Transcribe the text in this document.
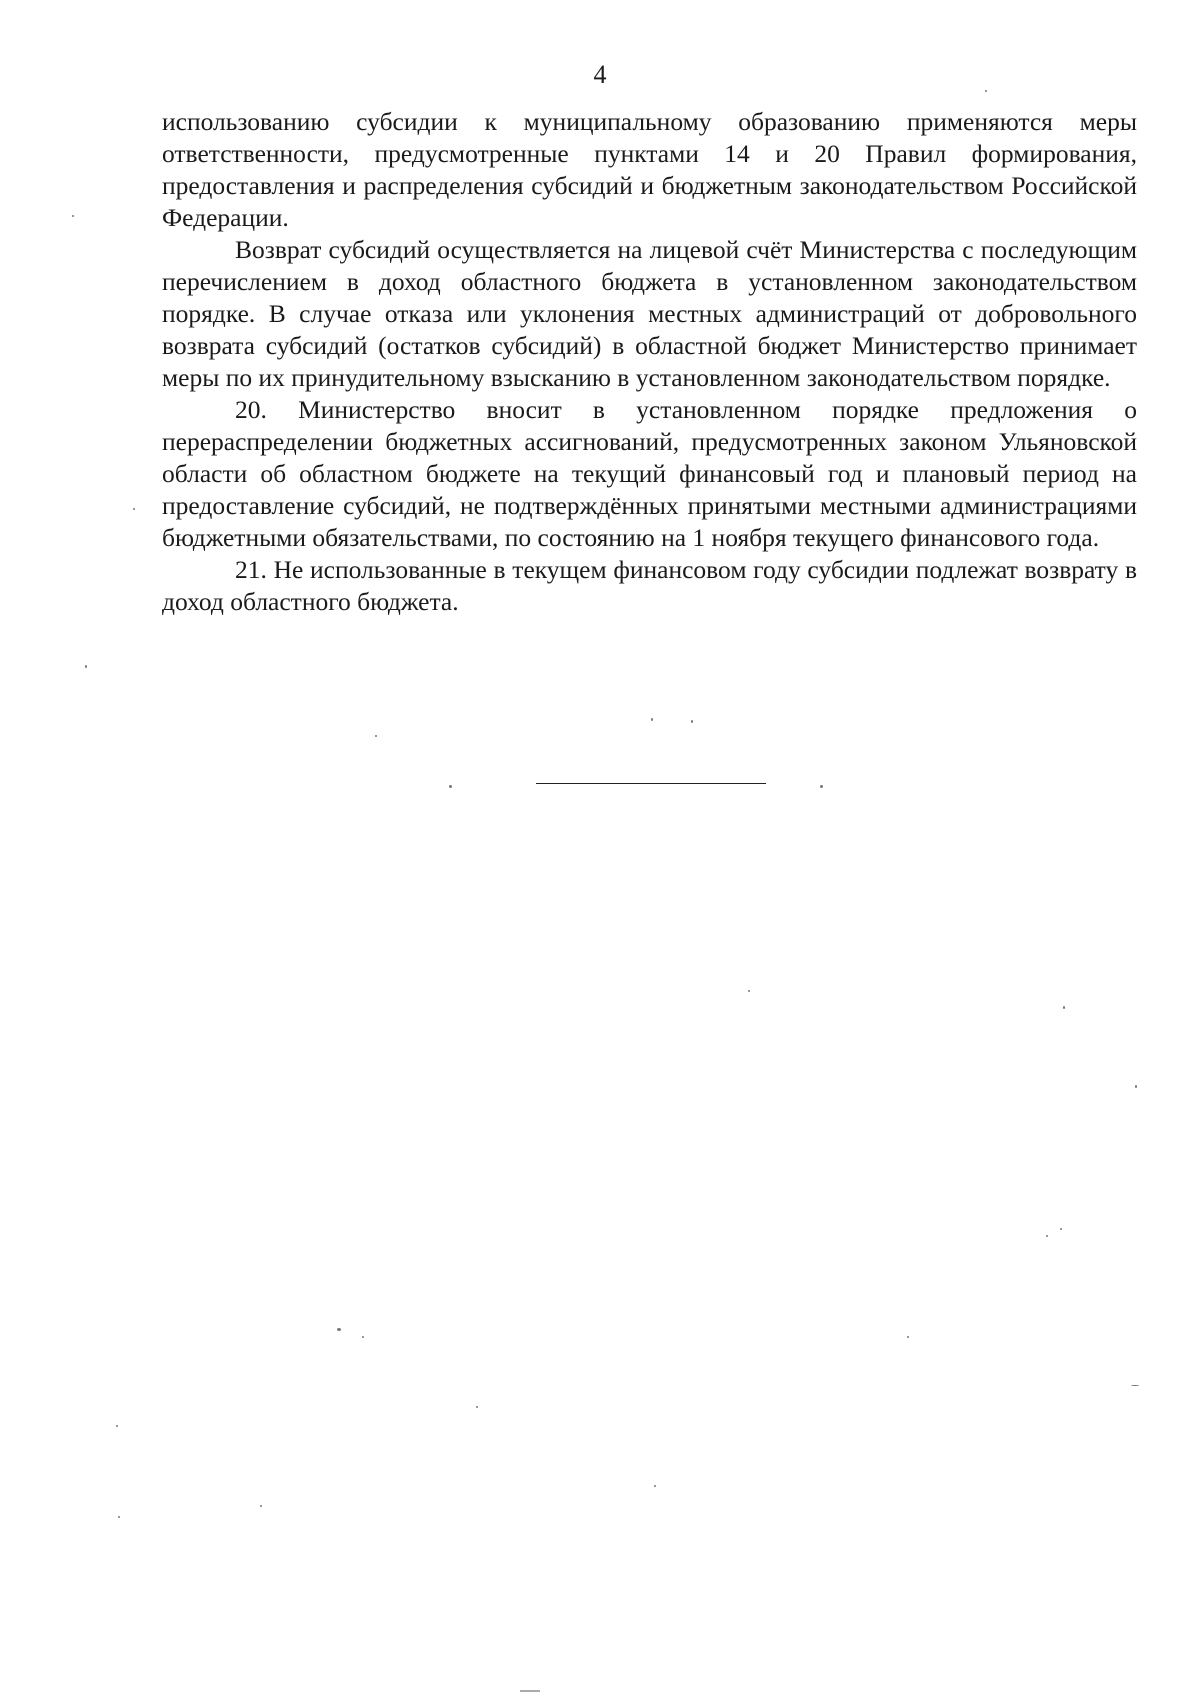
4

использованию субсидии к муниципальному образованию применяются меры ответственности, предусмотренные пунктами 14 и 20 Правил формирования, предоставления и распределения субсидий и бюджетным законодательством Российской Федерации.

Возврат субсидий осуществляется на лицевой счёт Министерства с последующим перечислением в доход областного бюджета в установленном законодательством порядке. В случае отказа или уклонения местных администраций от добровольного возврата субсидий (остатков субсидий) в областной бюджет Министерство принимает меры по их принудительному взысканию в установленном законодательством порядке.

20. Министерство вносит в установленном порядке предложения о перераспределении бюджетных ассигнований, предусмотренных законом Ульяновской области об областном бюджете на текущий финансовый год и плановый период на предоставление субсидий, не подтверждённых принятыми местными администрациями бюджетными обязательствами, по состоянию на 1 ноября текущего финансового года.

21. Не использованные в текущем финансовом году субсидии подлежат возврату в доход областного бюджета.
